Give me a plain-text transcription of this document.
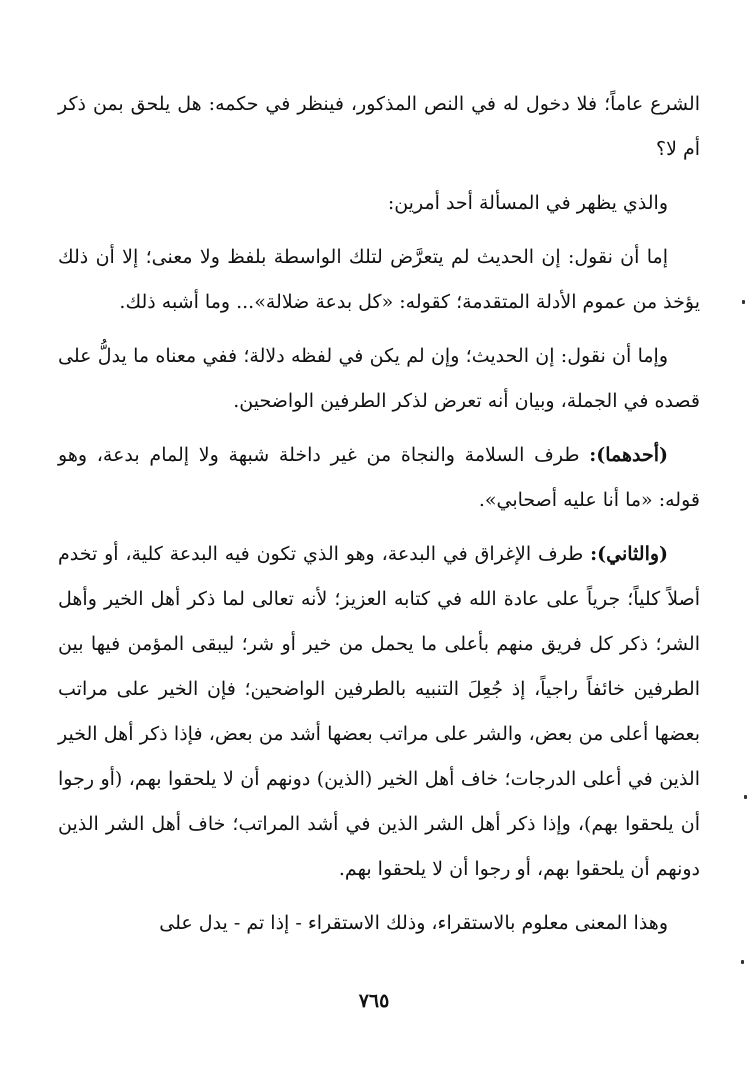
الشرع عاماً؛ فلا دخول له في النص المذكور، فينظر في حكمه: هل يلحق بمن ذكر أم لا؟

والذي يظهر في المسألة أحد أمرين:

إما أن نقول: إن الحديث لم يتعرَّض لتلك الواسطة بلفظ ولا معنى؛ إلا أن ذلك يؤخذ من عموم الأدلة المتقدمة؛ كقوله: «كل بدعة ضلالة»... وما أشبه ذلك.

وإما أن نقول: إن الحديث؛ وإن لم يكن في لفظه دلالة؛ ففي معناه ما يدلُّ على قصده في الجملة، وبيان أنه تعرض لذكر الطرفين الواضحين.

(أحدهما): طرف السلامة والنجاة من غير داخلة شبهة ولا إلمام بدعة، وهو قوله: «ما أنا عليه أصحابي».

(والثاني): طرف الإغراق في البدعة، وهو الذي تكون فيه البدعة كلية، أو تخدم أصلاً كلياً؛ جرياً على عادة الله في كتابه العزيز؛ لأنه تعالى لما ذكر أهل الخير وأهل الشر؛ ذكر كل فريق منهم بأعلى ما يحمل من خير أو شر؛ ليبقى المؤمن فيها بين الطرفين خائفاً راجياً، إذ جُعِلَ التنبيه بالطرفين الواضحين؛ فإن الخير على مراتب بعضها أعلى من بعض، والشر على مراتب بعضها أشد من بعض، فإذا ذكر أهل الخير الذين في أعلى الدرجات؛ خاف أهل الخير (الذين) دونهم أن لا يلحقوا بهم، (أو رجوا أن يلحقوا بهم)، وإذا ذكر أهل الشر الذين في أشد المراتب؛ خاف أهل الشر الذين دونهم أن يلحقوا بهم، أو رجوا أن لا يلحقوا بهم.

وهذا المعنى معلوم بالاستقراء، وذلك الاستقراء - إذا تم - يدل على

٧٦٥
